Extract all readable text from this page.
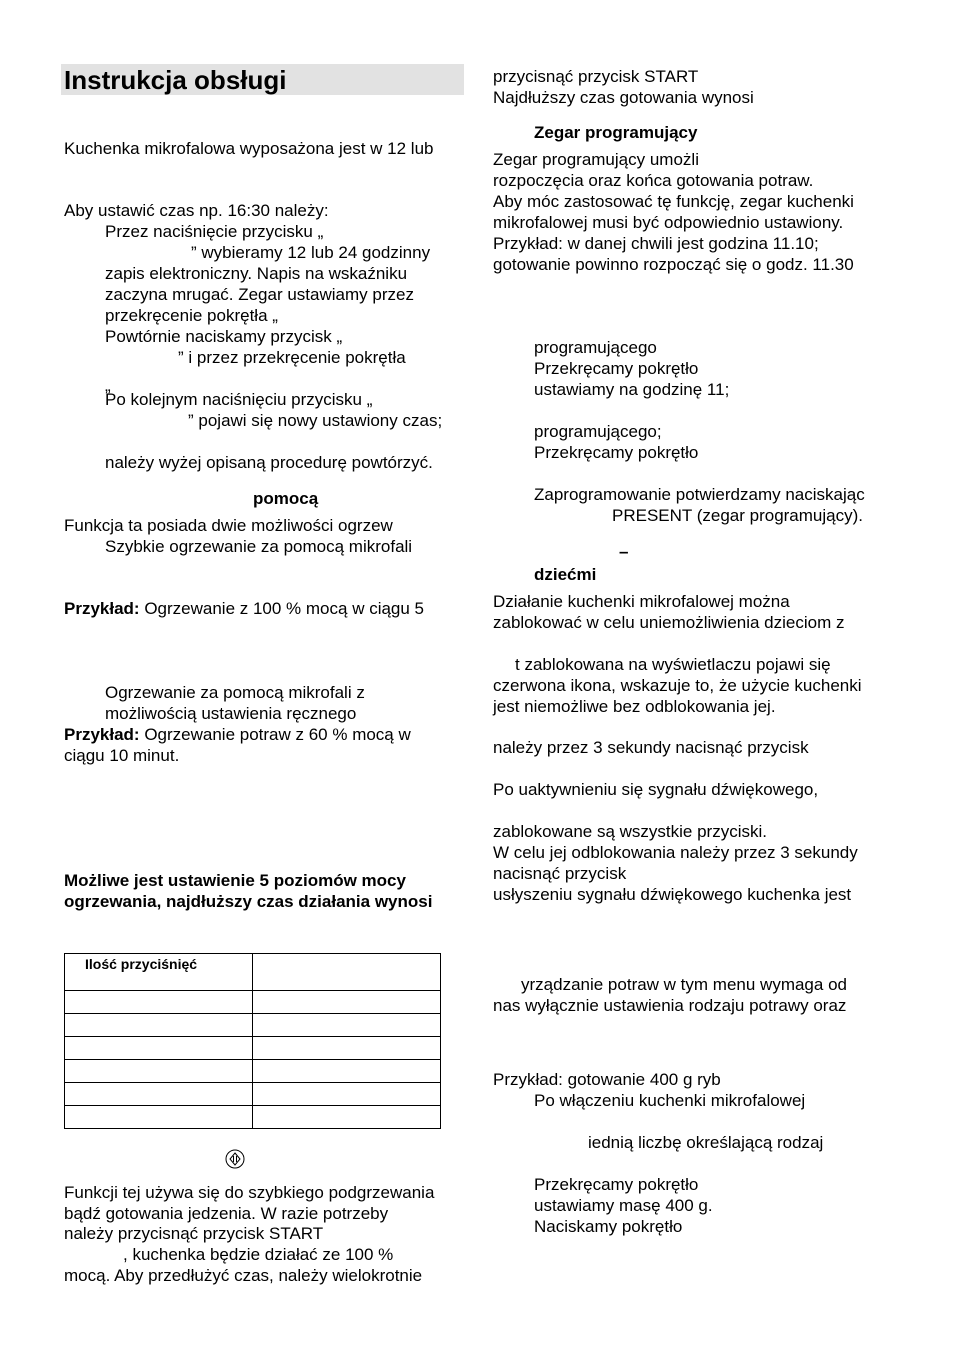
Instrukcja obsługi
Kuchenka mikrofalowa wyposażona jest w 12 lub
Aby ustawić czas np. 16:30 należy:
Przez naciśnięcie przycisku „
” wybieramy 12 lub 24 godzinny
zapis elektroniczny. Napis na wskaźniku
zaczyna mrugać. Zegar ustawiamy przez
przekręcenie pokrętła „
Powtórnie naciskamy przycisk „
” i przez przekręcenie pokrętła
„
Po kolejnym naciśnięciu przycisku „
” pojawi się nowy ustawiony czas;
należy wyżej opisaną procedurę powtórzyć.
pomocą
Funkcja ta posiada dwie możliwości ogrzew
Szybkie ogrzewanie za pomocą mikrofali
Przykład: Ogrzewanie z 100 % mocą w ciągu 5
Ogrzewanie za pomocą mikrofali z
możliwością ustawienia ręcznego
Przykład: Ogrzewanie potraw z 60 % mocą w
ciągu 10 minut.
Możliwe jest ustawienie 5 poziomów mocy
ogrzewania, najdłuższy czas działania wynosi
Ilość przyciśnięć	

Funkcji tej używa się do szybkiego podgrzewania
bądź gotowania jedzenia. W razie potrzeby
należy przycisnąć przycisk START
, kuchenka będzie działać ze 100 %
mocą. Aby przedłużyć czas, należy wielokrotnie
przycisnąć przycisk START
Najdłuższy czas gotowania wynosi
Zegar programujący
Zegar programujący umożli
rozpoczęcia oraz końca gotowania potraw.
Aby móc zastosować tę funkcję, zegar kuchenki
mikrofalowej musi być odpowiednio ustawiony.
Przykład: w danej chwili jest godzina 11.10;
gotowanie powinno rozpocząć się o godz. 11.30
programującego
Przekręcamy pokrętło
ustawiamy na godzinę 11;
programującego;
Przekręcamy pokrętło
Zaprogramowanie potwierdzamy naciskając
PRESENT (zegar programujący).
–
dziećmi
Działanie kuchenki mikrofalowej można
zablokować w celu uniemożliwienia dzieciom z
t zablokowana na wyświetlaczu pojawi się
czerwona ikona, wskazuje to, że użycie kuchenki
jest niemożliwe bez odblokowania jej.
należy przez 3 sekundy nacisnąć przycisk
Po uaktywnieniu się sygnału dźwiękowego,
zablokowane są wszystkie przyciski.
W celu jej odblokowania należy przez 3 sekundy
nacisnąć przycisk
usłyszeniu sygnału dźwiękowego kuchenka jest
yrządzanie potraw w tym menu wymaga od
nas wyłącznie ustawienia rodzaju potrawy oraz
Przykład: gotowanie 400 g ryb
Po włączeniu kuchenki mikrofalowej
iednią liczbę określającą rodzaj
Przekręcamy pokrętło
ustawiamy masę 400 g.
Naciskamy pokrętło
